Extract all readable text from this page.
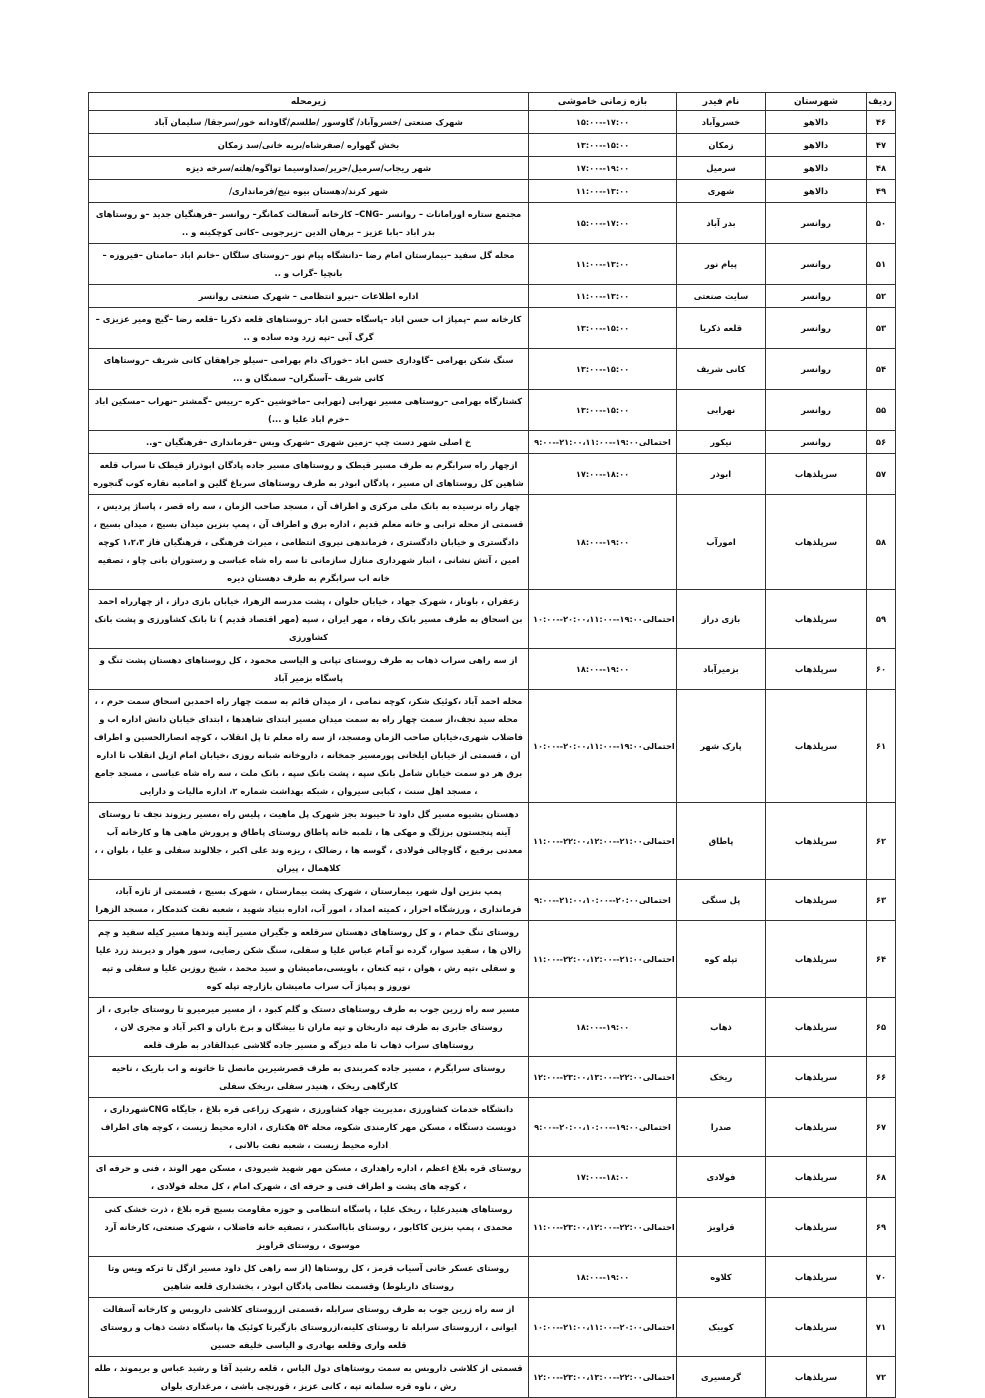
ردیف	شهرستان	نام فیدر	بازه زمانی خاموشی	زیرمحله
۴۶	دالاهو	خسروآباد	۱۵:۰۰--۱۷:۰۰	شهرک صنعتی /خسروآباد/ گاوسور /طلسم/گاودانه خور/سرجقا/ سلیمان آباد
۴۷	دالاهو	زمکان	۱۳:۰۰--۱۵:۰۰	بخش گهواره /صفرشاه/بریه خانی/سد زمکان
۴۸	دالاهو	سرمیل	۱۷:۰۰--۱۹:۰۰	شهر ریجاب/سرمیل/حریر/صداوسیما تواگوه/هلته/سرخه دیزه
۴۹	دالاهو	شهری	۱۱:۰۰--۱۳:۰۰	شهر کرند/دهستان بیوه نیج/فرمانداری/
۵۰	روانسر	بدر آباد	۱۵:۰۰--۱۷:۰۰	مجتمع ستاره اورامانات – روانسر –CNG– کارخانه آسفالت کمانگر– روانسر –فرهنگیان جدید –و روستاهای بدر اباد –بابا عزیز – برهان الدین –زیرجوبی –کانی کوچکینه و ..
۵۱	روانسر	پیام نور	۱۱:۰۰--۱۳:۰۰	محله گل سفید –بیمارستان امام رضا –دانشگاه پیام نور –روستای سلگان –خانم اباد –مامنان –فیروزه – بانچیا –گراب و ..
۵۲	روانسر	سایت صنعتی	۱۱:۰۰--۱۳:۰۰	اداره اطلاعات –نیرو انتظامی – شهرک صنعتی روانسر
۵۳	روانسر	قلعه ذکریا	۱۳:۰۰--۱۵:۰۰	کارخانه سم –پمپاژ اب حسن اباد –پاسگاه حسن اباد –روستاهای قلعه ذکریا –قلعه رضا –گیج ومیر عزیزی –گرگ آبی –تپه زرد وده ساده و ..
۵۴	روانسر	کانی شریف	۱۳:۰۰--۱۵:۰۰	سنگ شکن بهرامی –گاوداری حسن اباد –خوراک دام بهرامی –سیلو جراهقان کانی شریف –روستاهای کانی شریف –آسنگران– سمنگان و ...
۵۵	روانسر	نهرابی	۱۳:۰۰--۱۵:۰۰	کشتارگاه بهرامی –روستاهی مسیر نهرابی (نهرابی –ماخوشین –کره –رییس –گمشتر –نهراب –مسکین اباد –خرم اباد علیا و ...)
۵۶	روانسر	نیکور	احتمالی۱۹:۰۰--۲۱:۰۰،۱۱:۰۰--۹:۰۰	خ اصلی شهر دست چپ –زمین شهری –شهرک ویس –فرمانداری –فرهنگیان –و..
۵۷	سرپلذهاب	ابوذر	۱۷:۰۰--۱۸:۰۰	ازچهار راه سرابگرم به طرف مسیر قیطک و روستاهای مسیر جاده پادگان ابوذراز قیطک تا سراب قلعه شاهین کل روستاهای ان مسیر ، پادگان ابوذر به طرف روستاهای سرباغ گلین و امامیه نقاره کوب گنجوره
۵۸	سرپلذهاب	امورآب	۱۸:۰۰--۱۹:۰۰	چهار راه نرسیده به بانک ملی مرکزی و اطراف آن ، مسجد صاحب الزمان ، سه راه قصر ، پاساژ پردیس ، قسمتی از محله ترابی و خانه معلم قدیم ، اداره برق و اطراف آن ، پمپ بنزین میدان بسیج ، میدان بسیج ، دادگستری و خیابان دادگستری ، فرماندهی نیروی انتظامی ، میراث فرهنگی ، فرهنگیان فاز ۱،۲،۳ کوچه امین ، آتش نشانی ، انبار شهرداری منازل سازمانی تا سه راه شاه عباسی و رستوران بانی چاو ، تصفیه خانه اب سرابگرم به طرف دهستان دیره
۵۹	سرپلذهاب	بازی دراز	احتمالی۱۹:۰۰--۲۰:۰۰،۱۱:۰۰--۱۰:۰۰	زعفران ، باوناز ، شهرک جهاد ، خیابان حلوان ، پشت مدرسه الزهرا، خیابان بازی دراز ، از چهارراه احمد بن اسحاق به طرف مسیر بانک رفاه ، مهر ایران ، سپه (مهر اقتصاد قدیم ) تا بانک کشاورزی و پشت بانک کشاورزی
۶۰	سرپلذهاب	بزمیرآباد	۱۸:۰۰--۱۹:۰۰	از سه راهی سراب ذهاب به طرف روستای تپانی و الیاسی محمود ، کل روستاهای دهستان پشت تنگ و پاسگاه بزمیر آباد
۶۱	سرپلذهاب	پارک شهر	احتمالی۱۹:۰۰--۲۰:۰۰،۱۱:۰۰--۱۰:۰۰	محله احمد آباد ،کوئیک شکر، کوچه نمامی ، از میدان قائم به سمت چهار راه احمدبن اسحاق سمت حرم ، ، محله سید نجف،از سمت چهار راه به سمت میدان مسیر ابتدای شاهدها ، ابتدای خیابان دانش اداره اب و فاضلاب شهری،خیابان صاحب الزمان ومسجد، از سه راه معلم تا پل انقلاب ، کوچه انصارالحسین و اطراف ان ، قسمتی از خیابان ایلخانی پورمسیر جمخانه ، داروخانه شبانه روزی ،خیابان امام ازپل انقلاب تا اداره برق هر دو سمت خیابان شامل بانک سپه ، پشت بانک سپه ، بانک ملت ، سه راه شاه عباسی ، مسجد جامع ، مسجد اهل سنت ، کبابی سیروان ، شبکه بهداشت شماره ۲، اداره مالیات و دارایی
۶۲	سرپلذهاب	پاطاق	احتمالی۲۱:۰۰--۲۲:۰۰،۱۲:۰۰--۱۱:۰۰	دهستان بشیوه مسیر گل داود تا حیبوند بجز شهرک پل ماهیت ، پلیس راه ،مسیر ریزوند نجف تا روستای آینه پنجستون برزلگ و مهکی ها ، تلمبه خانه پاطاق روستای پاطاق و پرورش ماهی ها و کارخانه آب معدنی برفیع ، گاوچالی فولادی ، گوسه ها ، رضالک ، ریزه وند علی اکبر ، جلالوند سفلی و علیا ، بلوان ، ، کلاهمال ، پیران
۶۳	سرپلذهاب	پل سنگی	احتمالی۲۰:۰۰--۲۱:۰۰،۱۰:۰۰--۹:۰۰	پمپ بنزین اول شهر، بیمارستان ، شهرک پشت بیمارستان ، شهرک بسیج ، قسمتی از تازه آباد، فرمانداری ، ورزشگاه احرار ، کمیته امداد ، امور آب، اداره بنیاد شهید ، شعبه نفت کندمکار ، مسجد الزهرا
۶۴	سرپلذهاب	تپله کوه	احتمالی۲۱:۰۰--۲۲:۰۰،۱۲:۰۰--۱۱:۰۰	روستای تنگ حمام ، و کل روستاهای دهستان سرقلعه و جگیران مسیر آینه وندها مسیر کیله سفید و چم زالان ها ، سفید سوار، گرده نو آمام عباس علیا و سفلی، سنگ شکن رضایی، سور هوار و دیربند زرد علیا و سفلی ،تپه رش ، هوان ، تپه کنعان ، باویسی،مامیشان و سید محمد ، شیخ روزبن علیا و سفلی و تپه نوروز و پمپاژ آب سراب مامیشان بازارچه تپله کوه
۶۵	سرپلذهاب	ذهاب	۱۸:۰۰--۱۹:۰۰	مسیر سه راه زرین جوب به طرف روستاهای دستک و گلم کبود ، از مسیر میرمیرو تا روستای جابری ، از روستای جابری به طرف تپه داربخان و تپه ماران تا بیشگان و برخ باران و اکبر آباد و مجری لان ، روستاهای سراب ذهاب تا مله دیزگه و مسیر جاده گلاشی عبدالقادر به طرف قلعه
۶۶	سرپلذهاب	ریخک	احتمالی۲۲:۰۰--۲۳:۰۰،۱۳:۰۰--۱۲:۰۰	روستای سرابگرم ، مسیر جاده کمربندی به طرف قصرشیرین مانصل تا خاتونه و اب باریک ، ناحیه کارگاهی ریخک ، هنیدر سفلی ،ریخک سفلی
۶۷	سرپلذهاب	صدرا	احتمالی۱۹:۰۰--۲۰:۰۰،۱۰:۰۰--۹:۰۰	دانشگاه خدمات کشاورزی ،مدیریت جهاد کشاورزی ، شهرک زراعی قره بلاغ ، جایگاه CNGشهرداری ، دویست دستگاه ، مسکن مهر کارمندی شکوه، محله ۵۴ هکتاری ، اداره محیط زیست ، کوچه های اطراف اداره محیط زیست ، شعبه نفت بالانی ،
۶۸	سرپلذهاب	فولادی	۱۷:۰۰--۱۸:۰۰	روستای قره بلاغ اعظم ، اداره راهداری ، مسکن مهر شهید شیرودی ، مسکن مهر الوند ، فنی و حرفه ای ، کوچه های پشت و اطراف فنی و حرفه ای ، شهرک امام ، کل محله فولادی ،
۶۹	سرپلذهاب	قراویز	احتمالی۲۲:۰۰--۲۳:۰۰،۱۲:۰۰--۱۱:۰۰	روستاهای هنیدرعلیا ، ریخک علیا ، پاسگاه انتظامی و حوزه مقاومت بسیج قره بلاغ ، ذرت خشک کنی محمدی ، پمپ بنزین کاکابور ، روستای بابااسکندر ، تصفیه خانه فاضلاب ، شهرک صنعتی، کارخانه آرد موسوی ، روستای قراویز
۷۰	سرپلذهاب	کلاوه	۱۸:۰۰--۱۹:۰۰	روستای عسکر خانی آسیاب قرمز ، کل روستاها (از سه راهی کل داود مسیر ازگل تا ترکه ویس وتا روستای داربلوط) وقسمت نظامی پادگان ابوذر ، بخشداری قلعه شاهین
۷۱	سرپلذهاب	کوییک	احتمالی۲۰:۰۰--۲۱:۰۰،۱۱:۰۰--۱۰:۰۰	از سه راه زرین جوب به طرف روستای سرابله ،قسمتی ازروستای کلاشی داروبس و کارخانه آسفالت ایوانی ، ازروستای سرابله تا روستای کلینه،ازروستای بازگیرتا کوئیک ها ،پاسگاه دشت ذهاب و روستای قلعه واری وقلعه بهادری و الیاسی خلیفه حسین
۷۲	سرپلذهاب	گرمسیری	احتمالی۲۲:۰۰--۲۳:۰۰،۱۳:۰۰--۱۲:۰۰	قسمتی از کلاشی داروبس به سمت روستاهای دول الیاس ، قلعه رشید آقا و رشید عباس و بریموند ، طله رش ، ناوه قره سلمانه تپه ، کانی عزیز ، قورنچی باشی ، مرغداری بلوان
